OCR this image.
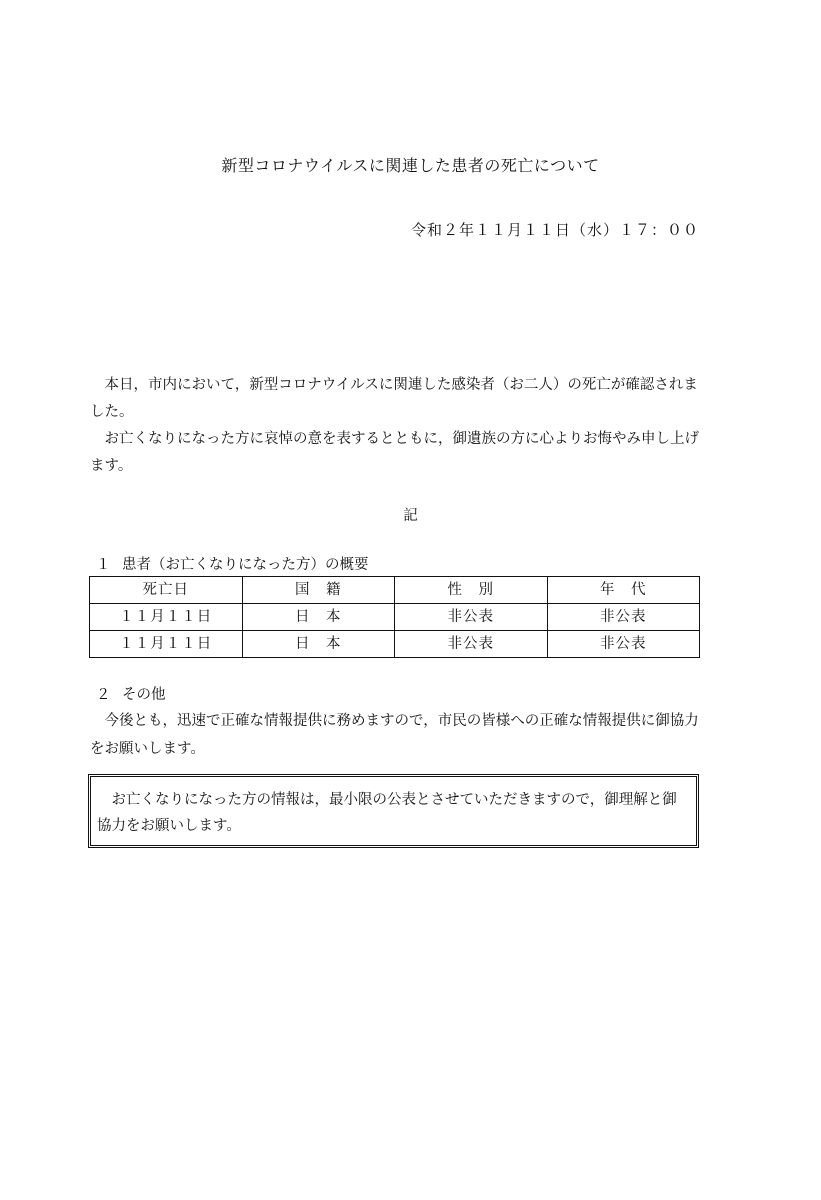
新型コロナウイルスに関連した患者の死亡について
令和２年１１月１１日（水）１７：００

本日，市内において，新型コロナウイルスに関連した感染者（お二人）の死亡が確認されました。

お亡くなりになった方に哀悼の意を表するとともに，御遺族の方に心よりお悔やみ申し上げます。

記
１ 患者（お亡くなりになった方）の概要
死亡日	国　籍	性　別	年　代
１１月１１日	日　本	非公表	非公表
１１月１１日	日　本	非公表	非公表
２ その他

今後とも，迅速で正確な情報提供に務めますので，市民の皆様への正確な情報提供に御協力をお願いします。

お亡くなりになった方の情報は，最小限の公表とさせていただきますので，御理解と御協力をお願いします。
